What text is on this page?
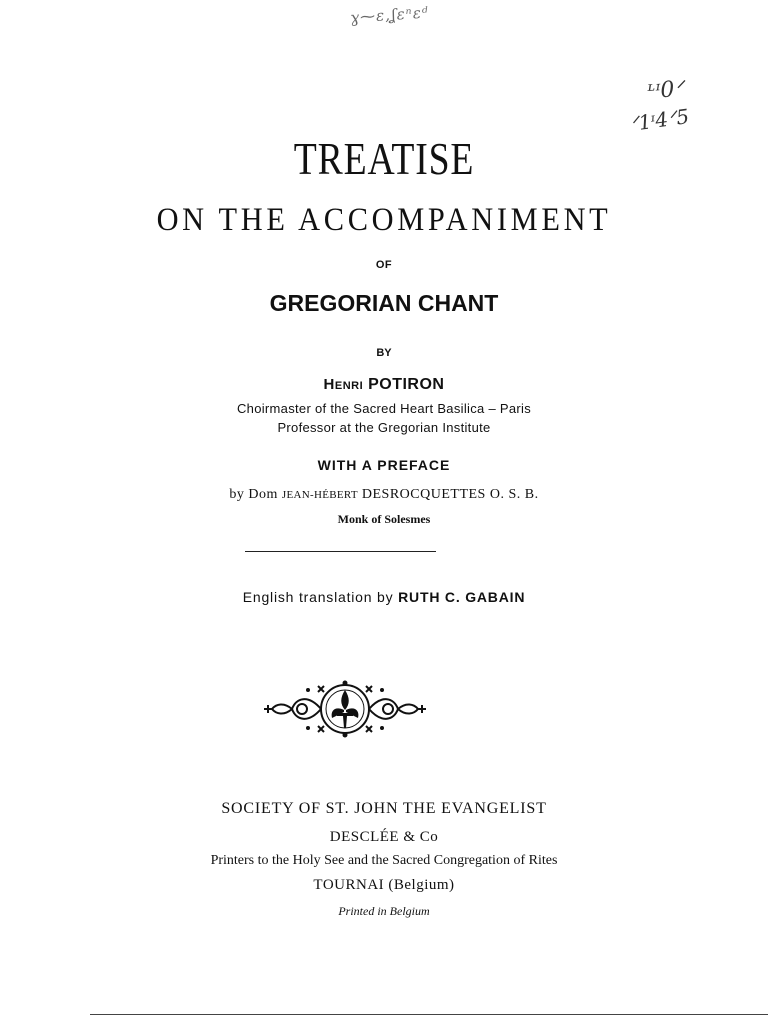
ɣ⁓ɛ,ʆɛⁿɛᵈ
ᶫᶦ0ᐟ
ᐟ1ᶦ4ᐟ5
TREATISE
ON THE ACCOMPANIMENT
OF
GREGORIAN CHANT
BY
HENRI POTIRON
Choirmaster of the Sacred Heart Basilica – Paris
Professor at the Gregorian Institute
WITH A PREFACE
by Dom JEAN-HÉBERT DESROCQUETTES O. S. B.
Monk of Solesmes
English translation by RUTH C. GABAIN
SOCIETY OF ST. JOHN THE EVANGELIST
DESCLÉE & Co
Printers to the Holy See and the Sacred Congregation of Rites
TOURNAI (Belgium)
Printed in Belgium
